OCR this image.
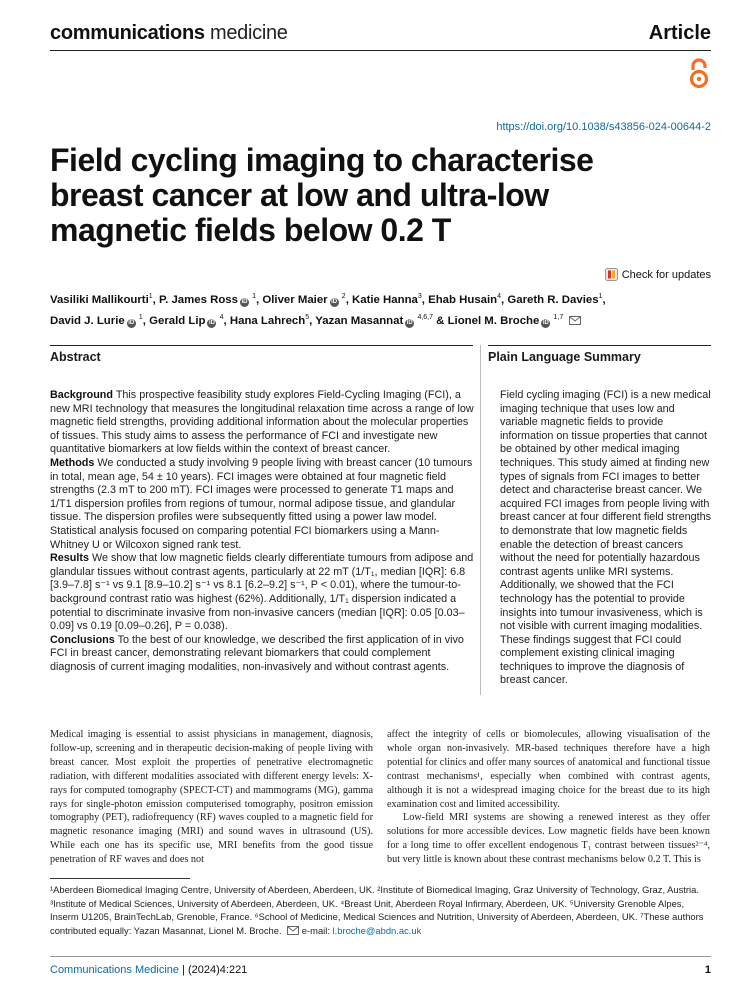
communications medicine	Article
https://doi.org/10.1038/s43856-024-00644-2
Field cycling imaging to characterise breast cancer at low and ultra-low magnetic fields below 0.2 T
Check for updates
Vasiliki Mallikourti$^1$, P. James Ross iD $^1$, Oliver Maier iD $^2$, Katie Hanna$^3$, Ehab Husain$^4$, Gareth R. Davies$^1$,
David J. Lurie iD $^1$, Gerald Lip iD $^4$, Hana Lahrech$^5$, Yazan Masannat iD $^{4,6,7}$ & Lionel M. Broche iD $^{1,7}$
Abstract	Plain Language Summary

Background This prospective feasibility study explores Field-Cycling Imaging (FCI), a new MRI technology that measures the longitudinal relaxation time across a range of low magnetic field strengths, providing additional information about the molecular properties of tissues. This study aims to assess the performance of FCI and investigate new quantitative biomarkers at low fields within the context of breast cancer.

Methods We conducted a study involving 9 people living with breast cancer (10 tumours in total, mean age, 54 ± 10 years). FCI images were obtained at four magnetic field strengths (2.3 mT to 200 mT). FCI images were processed to generate T1 maps and 1/T1 dispersion profiles from regions of tumour, normal adipose tissue, and glandular tissue. The dispersion profiles were subsequently fitted using a power law model. Statistical analysis focused on comparing potential FCI biomarkers using a Mann-Whitney U or Wilcoxon signed rank test.

Results We show that low magnetic fields clearly differentiate tumours from adipose and glandular tissues without contrast agents, particularly at 22 mT (1/T₁, median [IQR]: 6.8 [3.9–7.8] s⁻¹ vs 9.1 [8.9–10.2] s⁻¹ vs 8.1 [6.2–9.2] s⁻¹, P < 0.01), where the tumour-to-background contrast ratio was highest (62%). Additionally, 1/T₁ dispersion indicated a potential to discriminate invasive from non-invasive cancers (median [IQR]: 0.05 [0.03–0.09] vs 0.19 [0.09–0.26], P = 0.038).

Conclusions To the best of our knowledge, we described the first application of in vivo FCI in breast cancer, demonstrating relevant biomarkers that could complement diagnosis of current imaging modalities, non-invasively and without contrast agents.

Field cycling imaging (FCI) is a new medical imaging technique that uses low and variable magnetic fields to provide information on tissue properties that cannot be obtained by other medical imaging techniques. This study aimed at finding new types of signals from FCI images to better detect and characterise breast cancer. We acquired FCI images from people living with breast cancer at four different field strengths to demonstrate that low magnetic fields enable the detection of breast cancers without the need for potentially hazardous contrast agents unlike MRI systems. Additionally, we showed that the FCI technology has the potential to provide insights into tumour invasiveness, which is not visible with current imaging modalities. These findings suggest that FCI could complement existing clinical imaging techniques to improve the diagnosis of breast cancer.

Medical imaging is essential to assist physicians in management, diagnosis, follow-up, screening and in therapeutic decision-making of people living with breast cancer. Most exploit the properties of penetrative electromagnetic radiation, with different modalities associated with different energy levels: X-rays for computed tomography (SPECT-CT) and mammograms (MG), gamma rays for single-photon emission computerised tomography, positron emission tomography (PET), radiofrequency (RF) waves coupled to a magnetic field for magnetic resonance imaging (MRI) and sound waves in ultrasound (US). While each one has its specific use, MRI benefits from the good tissue penetration of RF waves and does not

affect the integrity of cells or biomolecules, allowing visualisation of the whole organ non-invasively. MR-based techniques therefore have a high potential for clinics and offer many sources of anatomical and functional tissue contrast mechanisms¹, especially when combined with contrast agents, although it is not a widespread imaging choice for the breast due to its high examination cost and limited accessibility.

Low-field MRI systems are showing a renewed interest as they offer solutions for more accessible devices. Low magnetic fields have been known for a long time to offer excellent endogenous T₁ contrast between tissues²⁻⁴, but very little is known about these contrast mechanisms below 0.2 T. This is

¹Aberdeen Biomedical Imaging Centre, University of Aberdeen, Aberdeen, UK. ²Institute of Biomedical Imaging, Graz University of Technology, Graz, Austria. ³Institute of Medical Sciences, University of Aberdeen, Aberdeen, UK. ⁴Breast Unit, Aberdeen Royal Infirmary, Aberdeen, UK. ⁵University Grenoble Alpes, Inserm U1205, BrainTechLab, Grenoble, France. ⁶School of Medicine, Medical Sciences and Nutrition, University of Aberdeen, Aberdeen, UK. ⁷These authors contributed equally: Yazan Masannat, Lionel M. Broche. e-mail: l.broche@abdn.ac.uk
Communications Medicine | (2024)4:221	1
